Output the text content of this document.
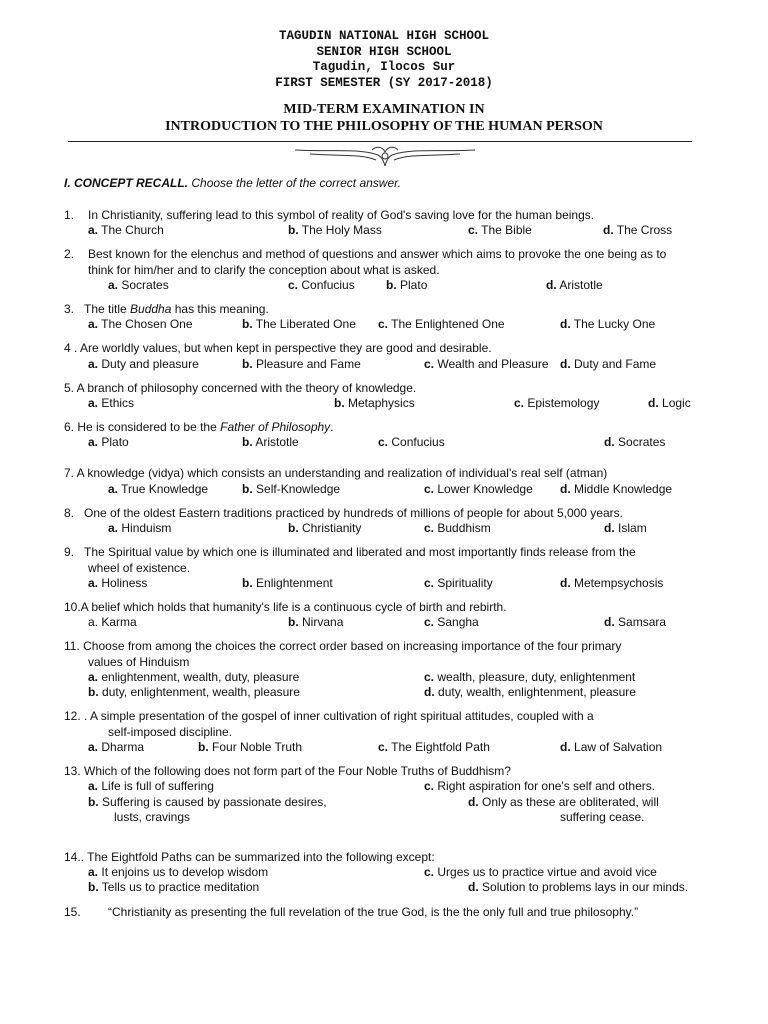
TAGUDIN NATIONAL HIGH SCHOOL
SENIOR HIGH SCHOOL
Tagudin, Ilocos Sur
FIRST SEMESTER (SY 2017-2018)
MID-TERM EXAMINATION IN
INTRODUCTION TO THE PHILOSOPHY OF THE HUMAN PERSON
I. CONCEPT RECALL. Choose the letter of the correct answer.
1. In Christianity, suffering lead to this symbol of reality of God's saving love for the human beings.
a. The Church	b. The Holy Mass	c. The Bible	d. The Cross
2. Best known for the elenchus and method of questions and answer which aims to provoke the one being as to
think for him/her and to clarify the conception about what is asked.
a. Socrates	c. Confucius	b. Plato	d. Aristotle
3. The title Buddha has this meaning.
a. The Chosen One	b. The Liberated One c. The Enlightened One	d. The Lucky One
4 . Are worldly values, but when kept in perspective they are good and desirable.
a. Duty and pleasure	b. Pleasure and Fame	c. Wealth and Pleasure d. Duty and Fame
5. A branch of philosophy concerned with the theory of knowledge.
a. Ethics	b. Metaphysics	c. Epistemology	d. Logic
6. He is considered to be the Father of Philosophy.
a. Plato	b. Aristotle	c. Confucius	d. Socrates
7. A knowledge (vidya) which consists an understanding and realization of individual's real self (atman)
a. True Knowledge	b. Self-Knowledge	c. Lower Knowledge d. Middle Knowledge
8. One of the oldest Eastern traditions practiced by hundreds of millions of people for about 5,000 years.
a. Hinduism	b. Christianity	c. Buddhism	d. Islam
9. The Spiritual value by which one is illuminated and liberated and most importantly finds release from the
wheel of existence.
a. Holiness	b. Enlightenment	c. Spirituality	d. Metempsychosis
10.A belief which holds that humanity's life is a continuous cycle of birth and rebirth.
a. Karma	b. Nirvana	c. Sangha	d. Samsara
11. Choose from among the choices the correct order based on increasing importance of the four primary
values of Hinduism
a. enlightenment, wealth, duty, pleasure	c. wealth, pleasure, duty, enlightenment
b. duty, enlightenment, wealth, pleasure	d. duty, wealth, enlightenment, pleasure
12. . A simple presentation of the gospel of inner cultivation of right spiritual attitudes, coupled with a
self-imposed discipline.
a. Dharma	b. Four Noble Truth	c. The Eightfold Path	d. Law of Salvation
13. Which of the following does not form part of the Four Noble Truths of Buddhism?
a. Life is full of suffering	c. Right aspiration for one's self and others.
b. Suffering is caused by passionate desires,	d. Only as these are obliterated, will
lusts, cravings	suffering cease.
14.. The Eightfold Paths can be summarized into the following except:
a. It enjoins us to develop wisdom	c. Urges us to practice virtue and avoid vice
b. Tells us to practice meditation	d. Solution to problems lays in our minds.
15. “Christianity as presenting the full revelation of the true God, is the the only full and true philosophy.”
